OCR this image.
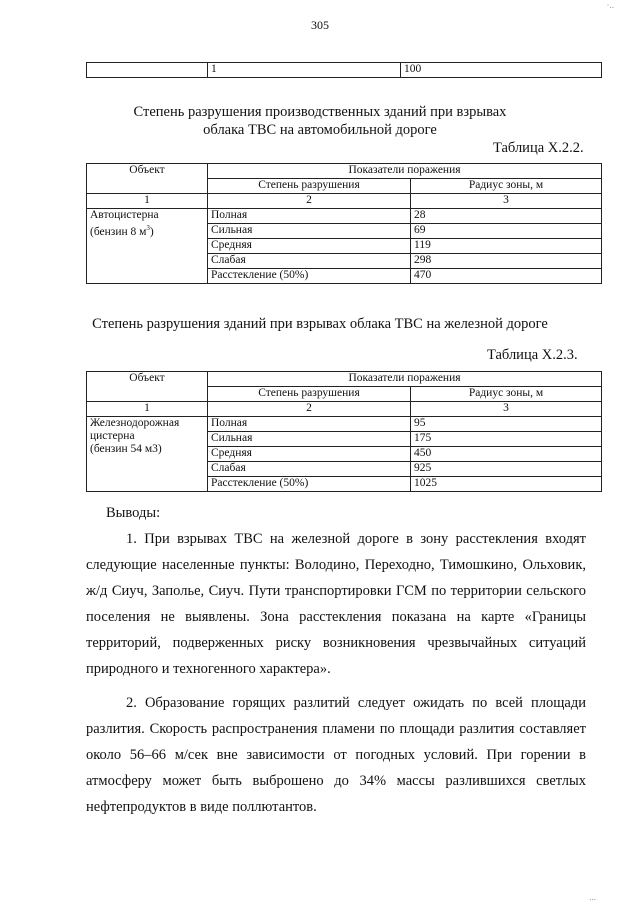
·..
305
	1	100
Степень разрушения производственных зданий при взрывах
облака ТВС на автомобильной дороге
Таблица X.2.2.
Объект	Показатели поражения	
	Степень разрушения	Радиус зоны, м
1	2	3

Автоцистерна
(бензин 8 $м^3$)	Полная	28
	Сильная	69
	Средняя	119
	Слабая	298
	Расстекление (50%)	470
Степень разрушения зданий при взрывах облака ТВС на железной дороге
Таблица X.2.3.
Объект	Показатели поражения	
	Степень разрушения	Радиус зоны, м
1	2	3

Железнодорожная
цистерна
(бензин 54 м3)	Полная	95
	Сильная	175
	Средняя	450
	Слабая	925
	Расстекление (50%)	1025
Выводы:

1. При взрывах ТВС на железной дороге в зону расстекления входят следующие населенные пункты: Володино, Переходно, Тимошкино, Ольховик, ж/д Сиуч, Заполье, Сиуч. Пути транспортировки ГСМ по территории сельского поселения не выявлены. Зона расстекления показана на карте «Границы территорий, подверженных риску возникновения чрезвычайных ситуаций природного и техногенного характера».

2. Образование горящих разлитий следует ожидать по всей площади разлития. Скорость распространения пламени по площади разлития составляет около 56–66 м/сек вне зависимости от погодных условий. При горении в атмосферу может быть выброшено до 34% массы разлившихся светлых нефтепродуктов в виде поллютантов.

...
